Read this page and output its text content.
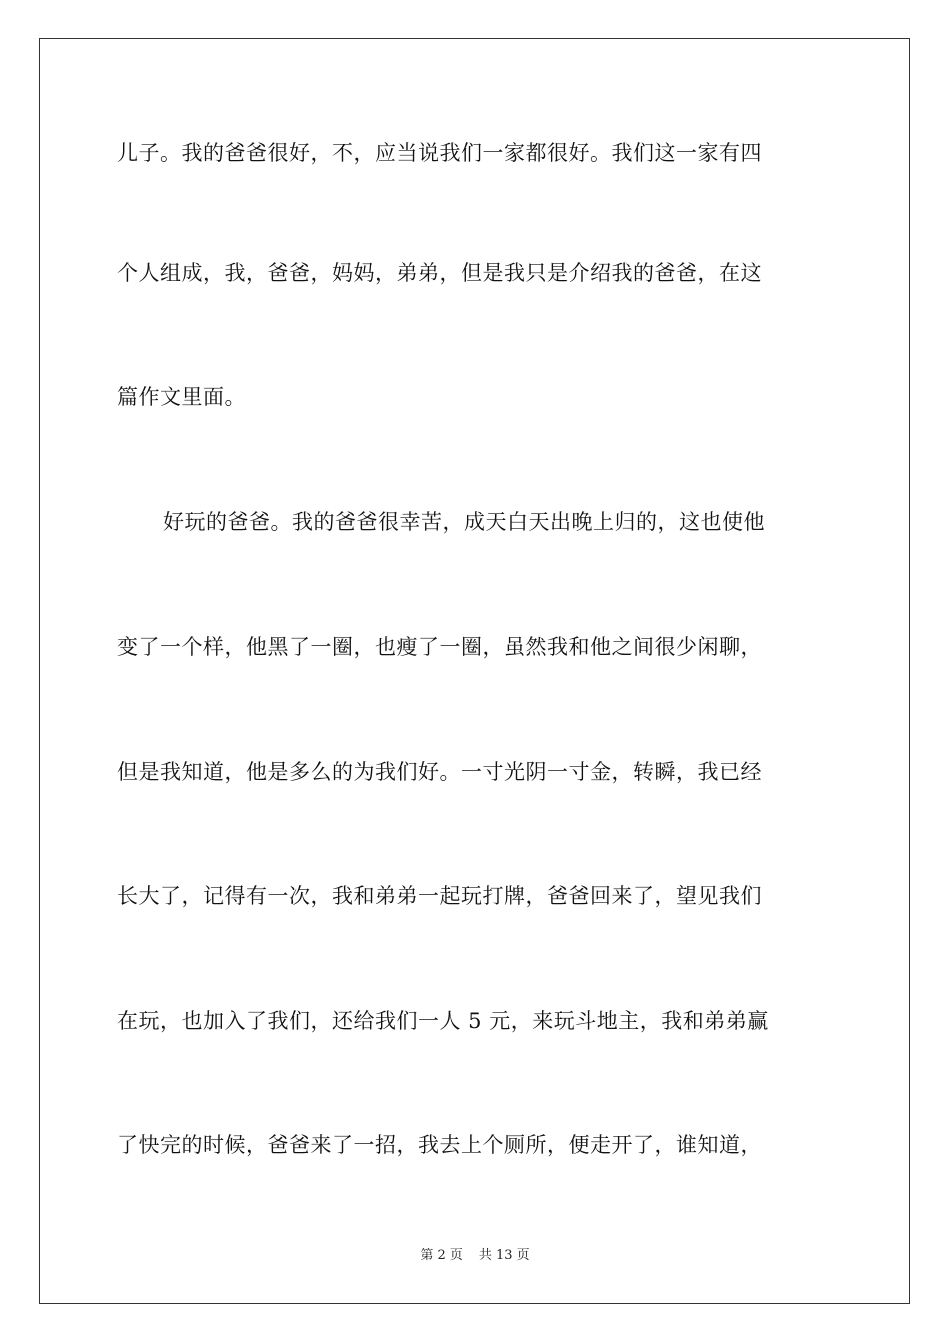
儿子。我的爸爸很好，不，应当说我们一家都很好。我们这一家有四
个人组成，我，爸爸，妈妈，弟弟，但是我只是介绍我的爸爸，在这
篇作文里面。
好玩的爸爸。我的爸爸很幸苦，成天白天出晚上归的，这也使他
变了一个样，他黑了一圈，也瘦了一圈，虽然我和他之间很少闲聊，
但是我知道，他是多么的为我们好。一寸光阴一寸金，转瞬，我已经
长大了，记得有一次，我和弟弟一起玩打牌，爸爸回来了，望见我们
在玩，也加入了我们，还给我们一人 5 元，来玩斗地主，我和弟弟赢
了快完的时候，爸爸来了一招，我去上个厕所，便走开了，谁知道，
第 2 页 共 13 页
